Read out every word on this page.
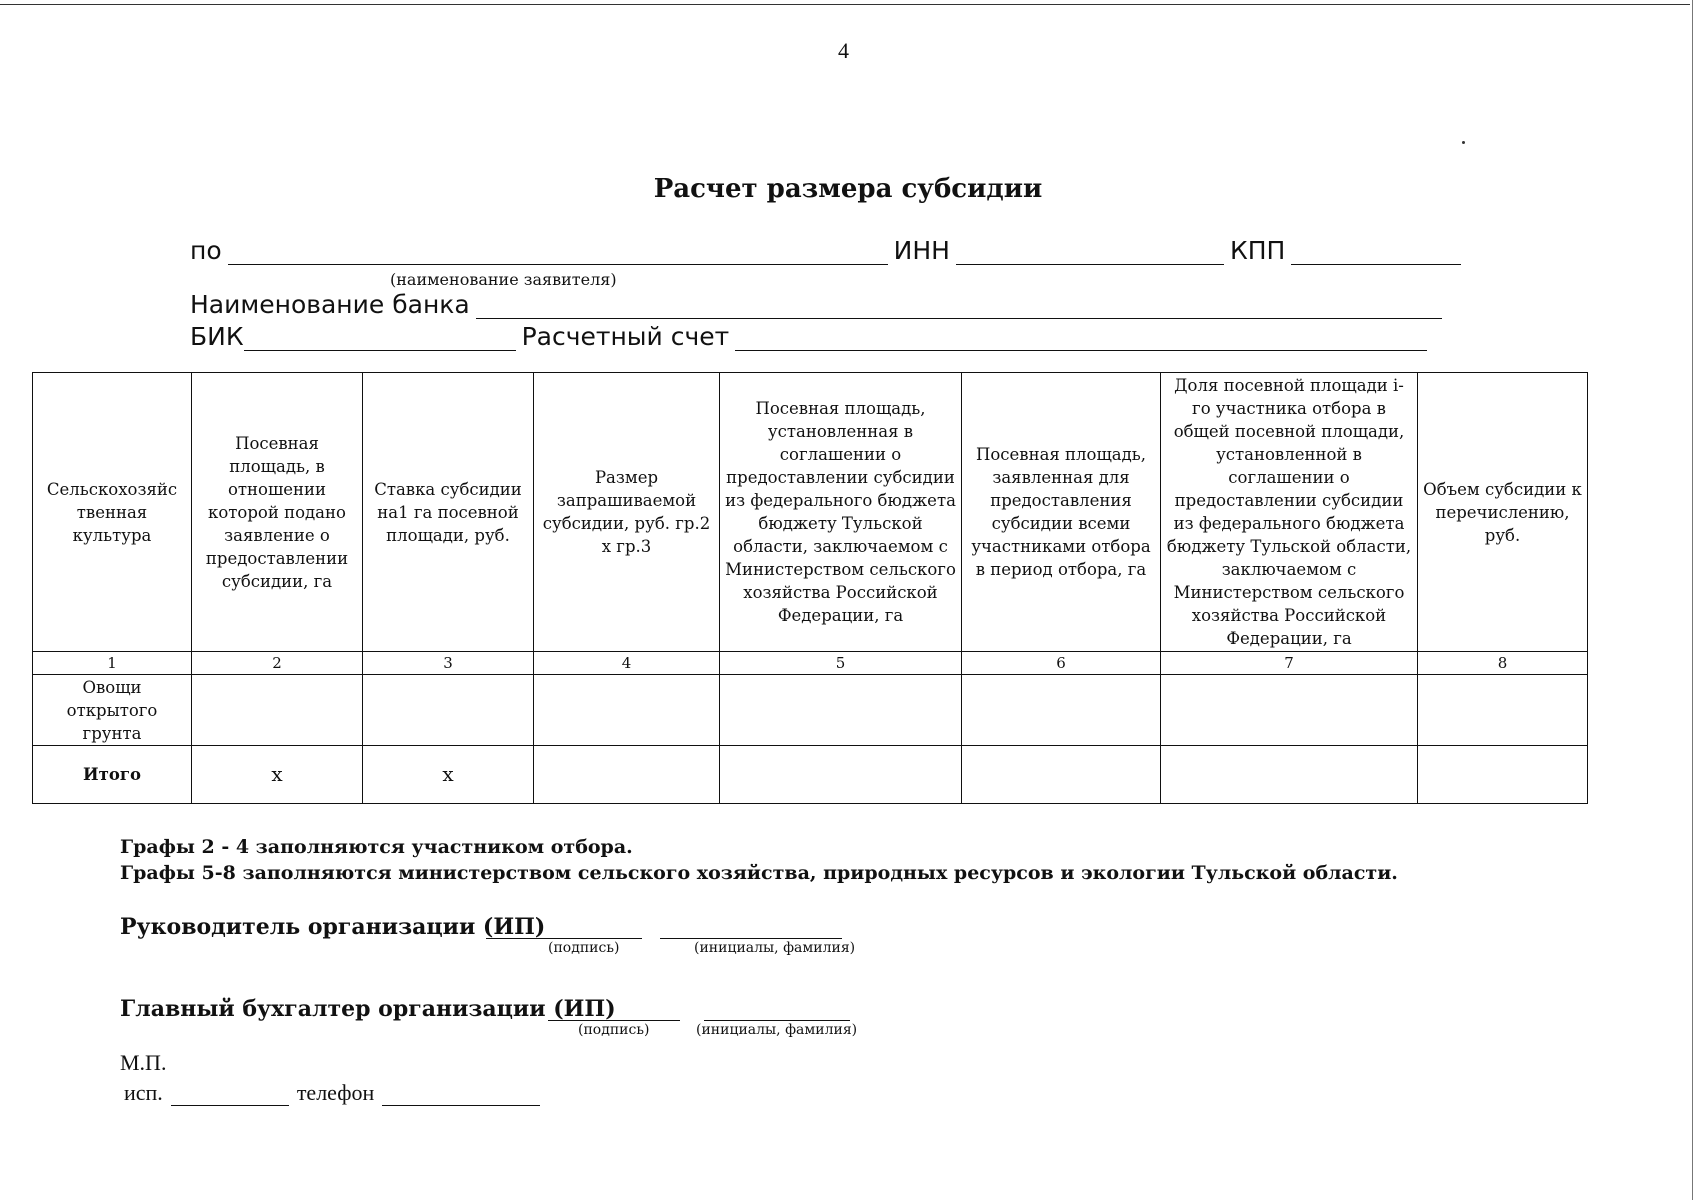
4
Расчет размера субсидии
по	ИНН	КПП
(наименование заявителя)
Наименование банка
БИК	Расчетный счет
Сельскохозяйс твенная культура	Посевная площадь, в отношении которой подано заявление о предоставлении субсидии, га	Ставка субсидии на1 га посевной площади, руб.	Размер запрашиваемой субсидии, руб. гр.2 х гр.3	Посевная площадь, установленная в соглашении о предоставлении субсидии из федерального бюджета бюджету Тульской области, заключаемом с Министерством сельского хозяйства Российской Федерации, га	Посевная площадь, заявленная для предоставления субсидии всеми участниками отбора в период отбора, га	Доля посевной площади i-го участника отбора в общей посевной площади, установленной в соглашении о предоставлении субсидии из федерального бюджета бюджету Тульской области, заключаемом с Министерством сельского хозяйства Российской Федерации, га	Объем субсидии к перечислению, руб.
1	2	3	4	5	6	7	8
Овощи открытого грунта							
Итого	х	х					
Графы 2 - 4 заполняются участником отбора.
Графы 5-8 заполняются министерством сельского хозяйства, природных ресурсов и экологии Тульской области.
Руководитель организации (ИП)
(подпись)	(инициалы, фамилия)
Главный бухгалтер организации (ИП)
(подпись)	(инициалы, фамилия)
М.П.
исп.	телефон
